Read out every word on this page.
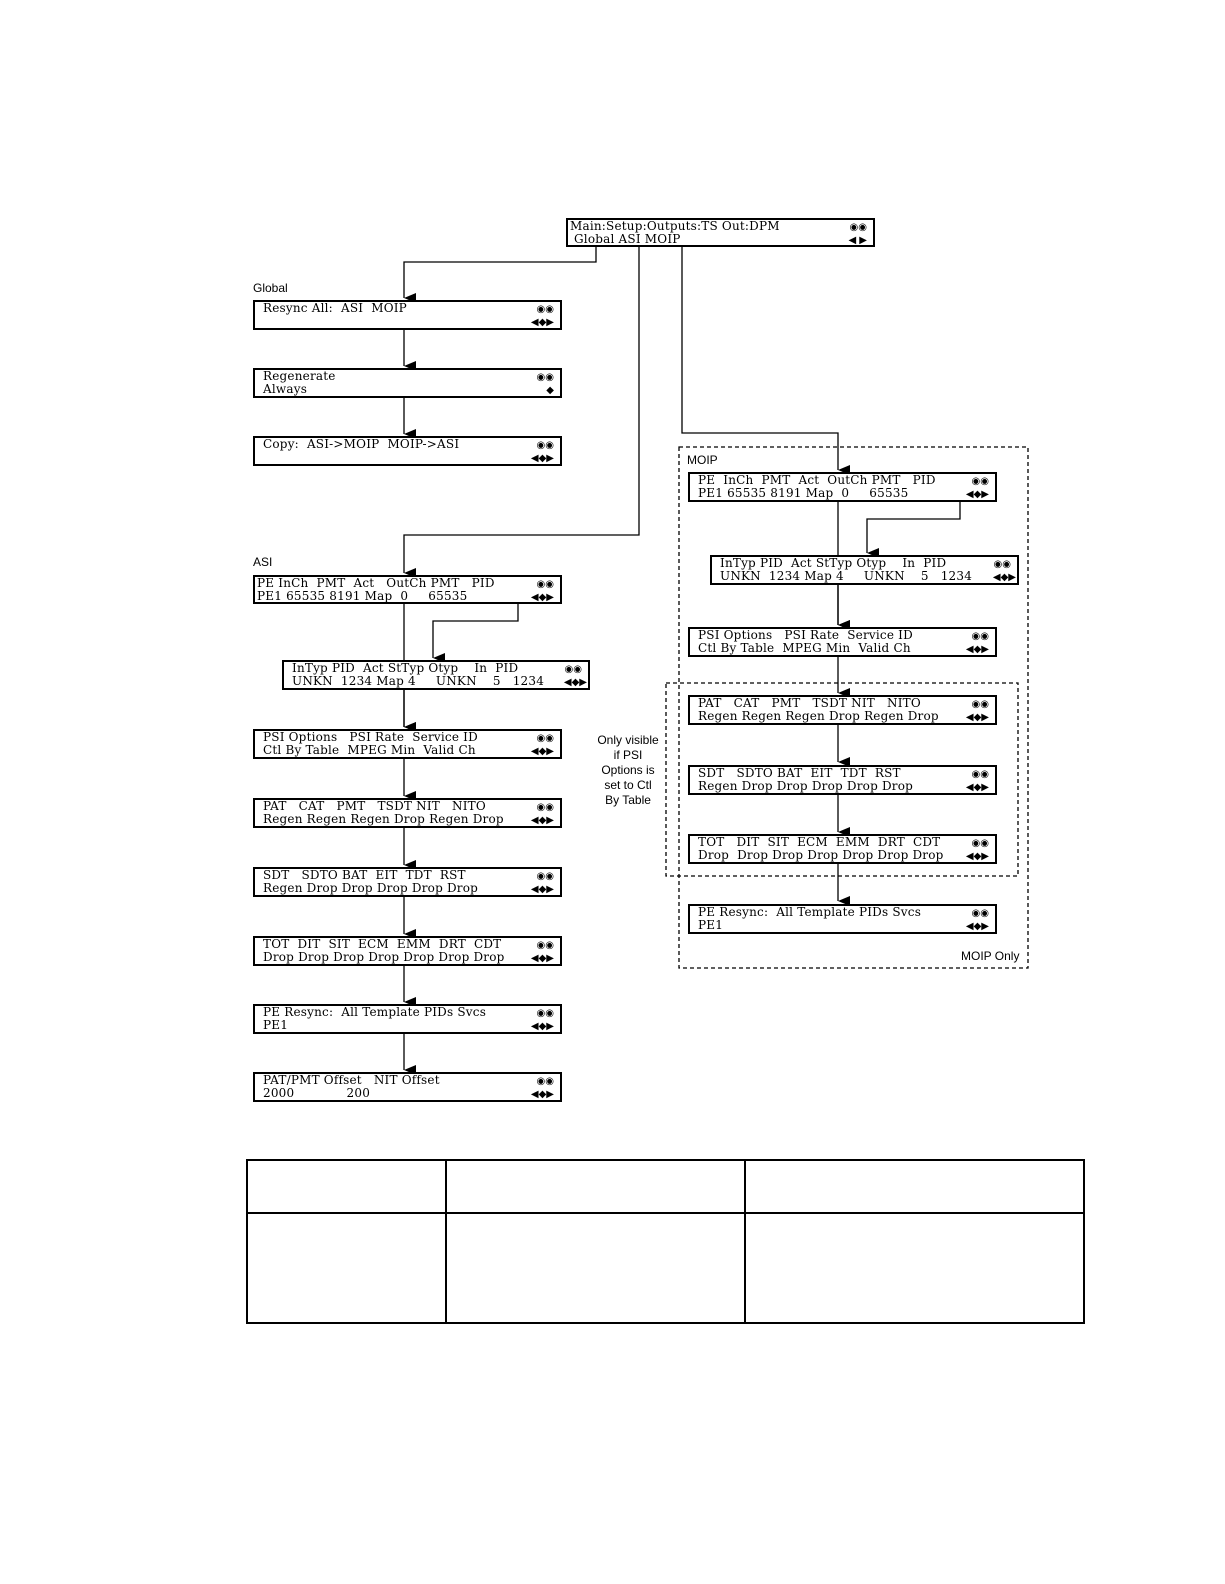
Main:Setup:Outputs:TS Out:DPM
Global ASI MOIP
◉◉
◀ ▶
Global
ASI
MOIP
MOIP Only
Only visible
if PSI
Options is
set to Ctl
By Table
Resync All:  ASI  MOIP	◉◉
◀◆▶
Regenerate
Always
◉◉
◆
Copy:  ASI->MOIP  MOIP->ASI	◉◉
◀◆▶
PE InCh  PMT  Act   OutCh PMT   PID
PE1 65535 8191 Map  0     65535
◉◉
◀◆▶
InTyp PID  Act StTyp Otyp    In  PID
UNKN  1234 Map 4     UNKN    5   1234
◉◉
◀◆▶
PSI Options   PSI Rate  Service ID
Ctl By Table  MPEG Min  Valid Ch
◉◉
◀◆▶
PAT   CAT   PMT   TSDT NIT   NITO
Regen Regen Regen Drop Regen Drop
◉◉
◀◆▶
SDT   SDTO BAT  EIT  TDT  RST
Regen Drop Drop Drop Drop Drop
◉◉
◀◆▶
TOT  DIT  SIT  ECM  EMM  DRT  CDT
Drop Drop Drop Drop Drop Drop Drop
◉◉
◀◆▶
PE Resync:  All Template PIDs Svcs
PE1
◉◉
◀◆▶
PAT/PMT Offset   NIT Offset
2000             200
◉◉
◀◆▶
PE  InCh  PMT  Act  OutCh PMT   PID
PE1 65535 8191 Map  0     65535
◉◉
◀◆▶
InTyp PID  Act StTyp Otyp    In  PID
UNKN  1234 Map 4     UNKN    5   1234
◉◉
◀◆▶
PSI Options   PSI Rate  Service ID
Ctl By Table  MPEG Min  Valid Ch
◉◉
◀◆▶
PAT   CAT   PMT   TSDT NIT   NITO
Regen Regen Regen Drop Regen Drop
◉◉
◀◆▶
SDT   SDTO BAT  EIT  TDT  RST
Regen Drop Drop Drop Drop Drop
◉◉
◀◆▶
TOT   DIT  SIT  ECM  EMM  DRT  CDT
Drop  Drop Drop Drop Drop Drop Drop
◉◉
◀◆▶
PE Resync:  All Template PIDs Svcs
PE1
◉◉
◀◆▶
